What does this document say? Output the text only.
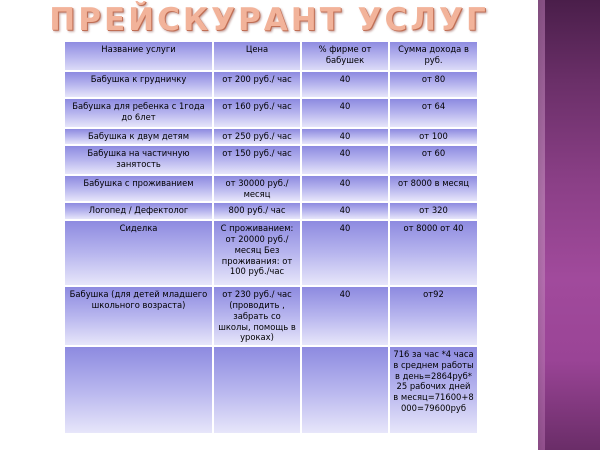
ПРЕЙСКУРАНТ УСЛУГ
Название услуги	Цена	% фирме от бабушек	Сумма дохода в руб.
Бабушка к грудничку	от 200 руб./ час	40	от 80
Бабушка для ребенка с 1года до 6лет	от 160 руб./ час	40	от 64
Бабушка к двум детям	от 250 руб./ час	40	от 100
Бабушка на частичную занятость	от 150 руб./ час	40	от 60
Бабушка с проживанием	от 30000 руб./ месяц	40	от 8000 в месяц
Логопед / Дефектолог	800 руб./ час	40	от 320
Сиделка	С проживанием: от 20000 руб./месяц Без проживания: от 100 руб./час	40	от 8000 от 40
Бабушка (для детей младшего школьного возраста)	от 230 руб./ час (проводить , забрать со школы, помощь в уроках)	40	от92
			716 за час *4 часа в среднем работы в день=2864руб* 25 рабочих дней в месяц=71600+8 000=79600руб
